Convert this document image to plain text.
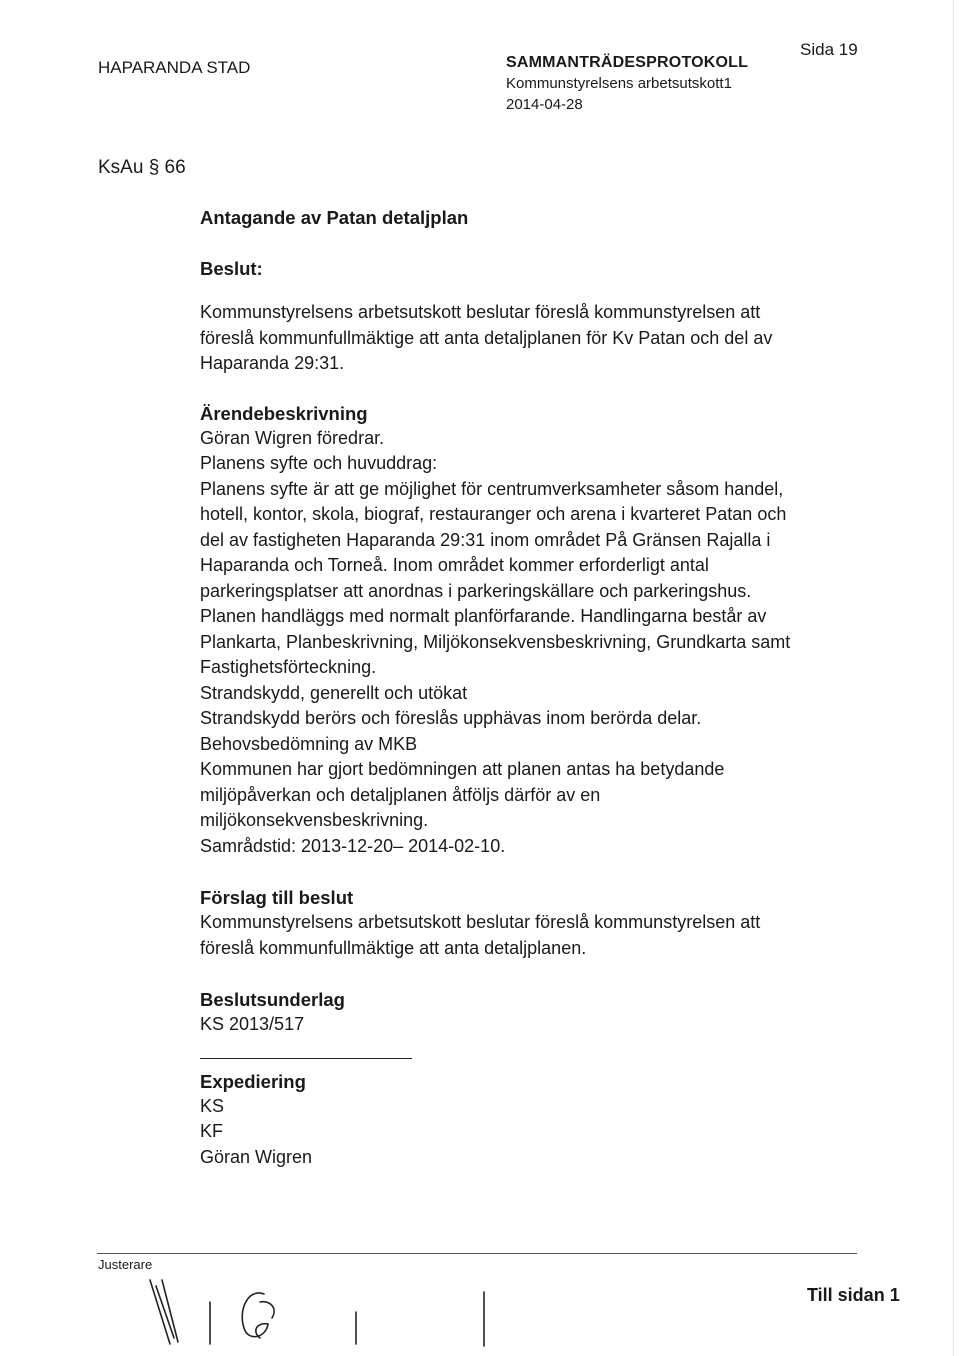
HAPARANDA STAD
Sida 19
SAMMANTRÄDESPROTOKOLL
Kommunstyrelsens arbetsutskott1
2014-04-28
KsAu § 66
Antagande av Patan detaljplan
Beslut:
Kommunstyrelsens arbetsutskott beslutar föreslå kommunstyrelsen att
föreslå kommunfullmäktige att anta detaljplanen för Kv Patan och del av
Haparanda 29:31.
Ärendebeskrivning
Göran Wigren föredrar.
Planens syfte och huvuddrag:
Planens syfte är att ge möjlighet för centrumverksamheter såsom handel,
hotell, kontor, skola, biograf, restauranger och arena i kvarteret Patan och
del av fastigheten Haparanda 29:31 inom området På Gränsen Rajalla i
Haparanda och Torneå. Inom området kommer erforderligt antal
parkeringsplatser att anordnas i parkeringskällare och parkeringshus.
Planen handläggs med normalt planförfarande. Handlingarna består av
Plankarta, Planbeskrivning, Miljökonsekvensbeskrivning, Grundkarta samt
Fastighetsförteckning.
Strandskydd, generellt och utökat
Strandskydd berörs och föreslås upphävas inom berörda delar.
Behovsbedömning av MKB
Kommunen har gjort bedömningen att planen antas ha betydande
miljöpåverkan och detaljplanen åtföljs därför av en
miljökonsekvensbeskrivning.
Samrådstid: 2013-12-20– 2014-02-10.
Förslag till beslut
Kommunstyrelsens arbetsutskott beslutar föreslå kommunstyrelsen att
föreslå kommunfullmäktige att anta detaljplanen.
Beslutsunderlag
KS 2013/517
Expediering
KS
KF
Göran Wigren
Justerare
Till sidan 1
